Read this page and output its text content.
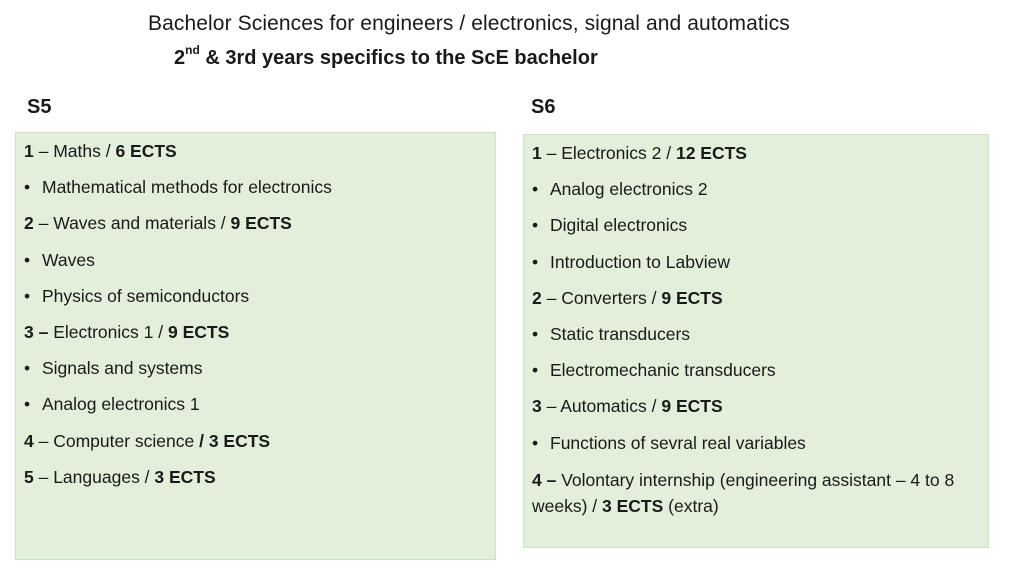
Bachelor Sciences for engineers / electronics, signal and automatics
2nd & 3rd years specifics to the ScE bachelor
S5	S6
1 – Maths / 6 ECTS
• Mathematical methods for electronics
2 – Waves and materials / 9 ECTS
• Waves
• Physics of semiconductors
3 – Electronics 1 / 9 ECTS
• Signals and systems
• Analog electronics 1
4 – Computer science / 3 ECTS
5 – Languages / 3 ECTS
1 – Electronics 2 / 12 ECTS
• Analog electronics 2
• Digital electronics
• Introduction to Labview
2 – Converters / 9 ECTS
• Static transducers
• Electromechanic transducers
3 – Automatics / 9 ECTS
• Functions of sevral real variables
4 – Volontary internship (engineering assistant – 4 to 8 weeks) / 3 ECTS (extra)
